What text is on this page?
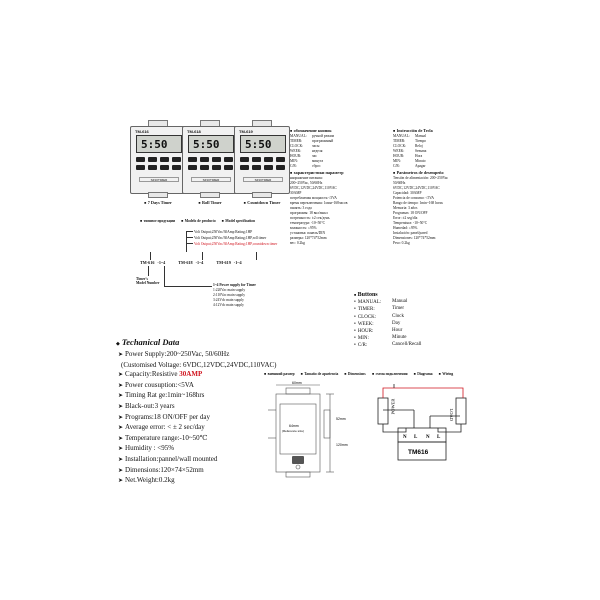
TM-616
5:50
SINOTIMER
■ 7 Days Timer
TM-618
5:50
SINOTIMER
■ Roll Timer
TM-619
5:50
SINOTIMER
■ Countdown Timer
■ типовое продукции	■ Modelo de producto	■ Model specification
Volt Output;250Vac/30Amp Rating;1HP
Volt Output;250Vac/30Amp Rating;1HP,roll timer
Volt Output;250Vac/30Amp Rating;1HP,countdown timer
TM-616 -1~4	TM-618 -1~4	TM-619 -1~4
Timer's
Model Number	1~4 Power supply for Timer
1:220Vac main supply
2:110Vac main supply
3:24Vdc main supply
4:12Vdc main supply
■ обозначение кнопок
MANUAL:	ручной режим
TIMER:	программный
CLOCK:	часы
WEEK:	неделя
HOUR:	час
MIN:	минута
C/R:	сброс
■ Instrucción de Tecla
MANUAL:	Manual
TIMER:	Tiempo
CLOCK:	Reloj
WEEK:	Semana
HOUR:	Hora
MIN:	Minuto
C/R:	Apagar
■ характеристики параметр
напряжение питания:
200~250Vac, 50/60Hz
6VDC,12VDC,24VDC,110VAC
30AMP
потребляемая мощность:<5VA
время переключения: 1мин~168часов
память: 3 года
программы: 18 вкл/выкл
погрешность: ±2 сек/день
температура: -10~50°C
влажность: ≤95%
установка: панель/DIN
размеры: 120*74*52mm
вес: 0.2kg
■ Parámetros de desempeño
Tensión de alimentación: 200~250Vac
50/60Hz
6VDC,12VDC,24VDC,110VAC
Capacidad: 30AMP
Potencia de consumo: <5VA
Rango de tiempo: 1min~168 horas
Memoria: 3 años
Programas: 18 ON/OFF
Error: ±2 seg/día
Temperatura: -10~50°C
Humedad: ≤95%
Instalación: panel/pared
Dimensiones: 120*74*52mm
Peso: 0.2kg
■ Buttons
● MANUAL:	Manual
● TIMER:	Timer
● CLOCK:	Clock
● WEEK:	Day
● HOUR:	Hour
● MIN:	Minute
● C/R:	Cancell/Recall
◆ Techanical Data
➤ Power Supply:200~250Vac, 50/60Hz
(Customised Voltage: 6VDC,12VDC,24VDC,110VAC)
➤ Capacity:Resistive 30AMP
➤ Power cousuption:<5VA
➤ Timing Rat ge:1min~168hrs
➤ Black-out:3 years
➤ Programs:18 ON/OFF per day
➤ Average error: < ± 2 sec/day
➤ Temperature range:-10~50℃
➤ Humidity : <95%
➤ Installation:pannel/wall mounted
➤ Dimensions:120×74×52mm
➤ Net.Weight:0.2kg
■ внешний размер	■ Tamaño de apariencia	■ Dimensions
60mm
64mm
(Reference size)
52mm
120mm
■ схема подключения	■ Diagrama	■ Wiring
POWER
LOAD
N L N L
TM616
